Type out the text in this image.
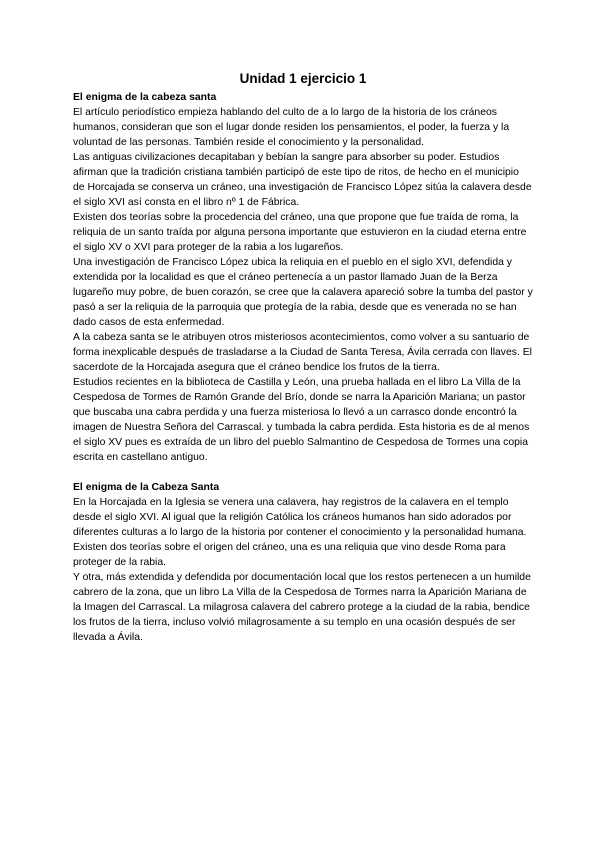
Unidad 1 ejercicio 1
El enigma de la cabeza santa

El artículo periodístico empieza hablando del culto de a lo largo de la historia de los cráneos humanos, consideran que son el lugar donde residen los pensamientos, el poder, la fuerza y la voluntad de las personas. También reside el conocimiento y la personalidad.

Las antiguas civilizaciones decapitaban y bebían la sangre para absorber su poder. Estudios afirman que la tradición cristiana también participó de este tipo de ritos, de hecho en el municipio de Horcajada se conserva un cráneo, una investigación de Francisco López sitúa la calavera desde el siglo XVI así consta en el libro nº 1 de Fábrica.

Existen dos teorías sobre la procedencia del cráneo, una que propone que fue traída de roma, la reliquia de un santo traída por alguna persona importante que estuvieron en la ciudad eterna entre el siglo XV o XVI para proteger de la rabia a los lugareños.

Una investigación de Francisco López ubica la reliquia en el pueblo en el siglo XVI, defendida y extendida por la localidad es que el cráneo pertenecía a un pastor llamado Juan de la Berza lugareño muy pobre, de buen corazón, se cree que la calavera apareció sobre la tumba del pastor y pasó a ser la reliquia de la parroquia que protegía de la rabia, desde que es venerada no se han dado casos de esta enfermedad.

A la cabeza santa se le atribuyen otros misteriosos acontecimientos, como volver a su santuario de forma inexplicable después de trasladarse a la Ciudad de Santa Teresa, Ávila cerrada con llaves. El sacerdote de la Horcajada asegura que el cráneo bendice los frutos de la tierra.

Estudios recientes en la biblioteca de Castilla y León, una prueba hallada en el libro La Villa de la Cespedosa de Tormes de Ramón Grande del Brío, donde se narra la Aparición Mariana; un pastor que buscaba una cabra perdida y una fuerza misteriosa lo llevó a un carrasco donde encontró la imagen de Nuestra Señora del Carrascal. y tumbada la cabra perdida. Esta historia es de al menos el siglo XV pues es extraída de un libro del pueblo Salmantino de Cespedosa de Tormes una copia escrita en castellano antiguo.

El enigma de la Cabeza Santa

En la Horcajada en la Iglesia se venera una calavera, hay registros de la calavera en el templo desde el siglo XVI. Al igual que la religión Católica los cráneos humanos han sido adorados por diferentes culturas a lo largo de la historia por contener el conocimiento y la personalidad humana.

Existen dos teorías sobre el origen del cráneo, una es una reliquia que vino desde Roma para proteger de la rabia.

Y otra, más extendida y defendida por documentación local que los restos pertenecen a un humilde cabrero de la zona, que un libro La Villa de la Cespedosa de Tormes narra la Aparición Mariana de la Imagen del Carrascal. La milagrosa calavera del cabrero protege a la ciudad de la rabia, bendice los frutos de la tierra, incluso volvió milagrosamente a su templo en una ocasión después de ser llevada a Ávila.
